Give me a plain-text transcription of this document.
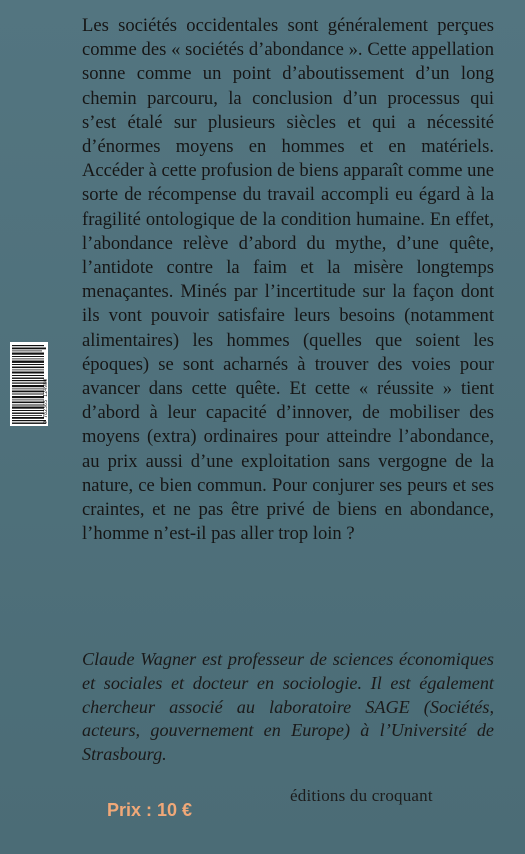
Les sociétés occidentales sont généralement perçues comme des « sociétés d’abondance ». Cette appellation sonne comme un point d’aboutissement d’un long chemin parcouru, la conclusion d’un processus qui s’est étalé sur plusieurs siècles et qui a nécessité d’énormes moyens en hommes et en matériels. Accéder à cette profusion de biens apparaît comme une sorte de récompense du travail accompli eu égard à la fragilité ontologique de la condition humaine. En effet, l’abondance relève d’abord du mythe, d’une quête, l’antidote contre la faim et la misère longtemps menaçantes. Minés par l’incertitude sur la façon dont ils vont pouvoir satisfaire leurs besoins (notamment alimentaires) les hommes (quelles que soient les époques) se sont acharnés à trouver des voies pour avancer dans cette quête. Et cette « réussite » tient d’abord à leur capacité d’innover, de mobiliser des moyens (extra) ordinaires pour atteindre l’abondance, au prix aussi d’une exploitation sans vergogne de la nature, ce bien commun. Pour conjurer ses peurs et ses craintes, et ne pas être privé de biens en abondance, l’homme n’est-il pas aller trop loin ?

9 782365 124980

Claude Wagner est professeur de sciences économiques et sociales et docteur en sociologie. Il est également chercheur associé au laboratoire SAGE (Sociétés, acteurs, gouvernement en Europe) à l’Université de Strasbourg.

éditions du croquant
Prix : 10 €
